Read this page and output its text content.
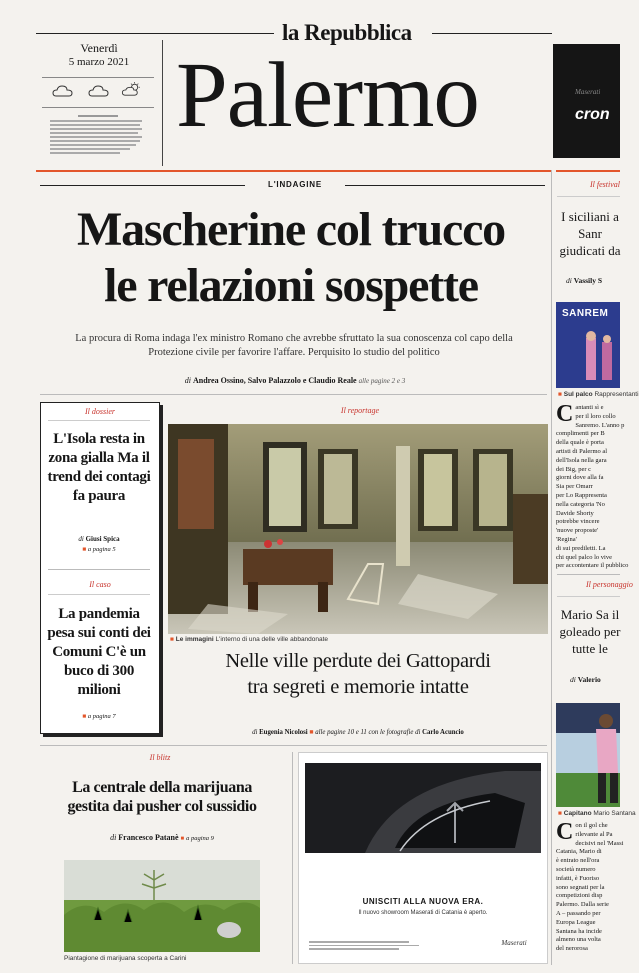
la Repubblica
Venerdì
5 marzo 2021 Palermo	Maserati
cron
L'INDAGINE
Mascherine col trucco
le relazioni sospette
La procura di Roma indaga l'ex ministro Romano che avrebbe sfruttato la sua conoscenza col capo della Protezione civile per favorire l'affare. Perquisito lo studio del politico
di Andrea Ossino, Salvo Palazzolo e Claudio Reale alle pagine 2 e 3
Il dossier
L'Isola resta in zona gialla Ma il trend dei contagi fa paura
di Giusi Spica
■ a pagina 5
Il caso
La pandemia pesa sui conti dei Comuni C'è un buco di 300 milioni
■ a pagina 7
Il reportage
■ Le immagini L'interno di una delle ville abbandonate
Nelle ville perdute dei Gattopardi
tra segreti e memorie intatte
di Eugenia Nicolosi ■ alle pagine 10 e 11 con le fotografie di Carlo Acuncio
Il blitz
La centrale della marijuana
gestita dai pusher col sussidio
di Francesco Patanè ■ a pagina 9
Piantagione di marijuana scoperta a Carini
UNISCITI ALLA NUOVA ERA.
Il nuovo showroom Maserati di Catania è aperto.
Maserati
Il festival
I siciliani a Sanr giudicati da
di Vassily S
SANREM
■ Sul palco Rappresentanti
C antanti sì e
per il loro collo
Sanremo. L'anno p
complimenti per B
della quale è porta
artisti di Palermo al
dell'Isola nella gara
dei Big, per c
giorni dove alla fa
Sia per Omarr
per Lo Rappresenta
nella categoria 'No
Davide Shorty
potrebbe vincere
'nuove proposte'
'Regina'
di sui prediletti. La
chi quel palco lo vive
per accontentare il pubblico
Il personaggio
Mario Sa il goleado per tutte le
di Valerio
■ Capitano Mario Santana
C on il gol che
rilevante al Pa
decisivi nel 'Massi
Catania, Mario di
è entrato nell'ora
società numero
infatti, è Fuoriso
sono segnati per la
competizioni disp
Palermo. Dalla serie
A – passando per
Europa League
Santana ha incide
almeno una volta
del nerorosa
